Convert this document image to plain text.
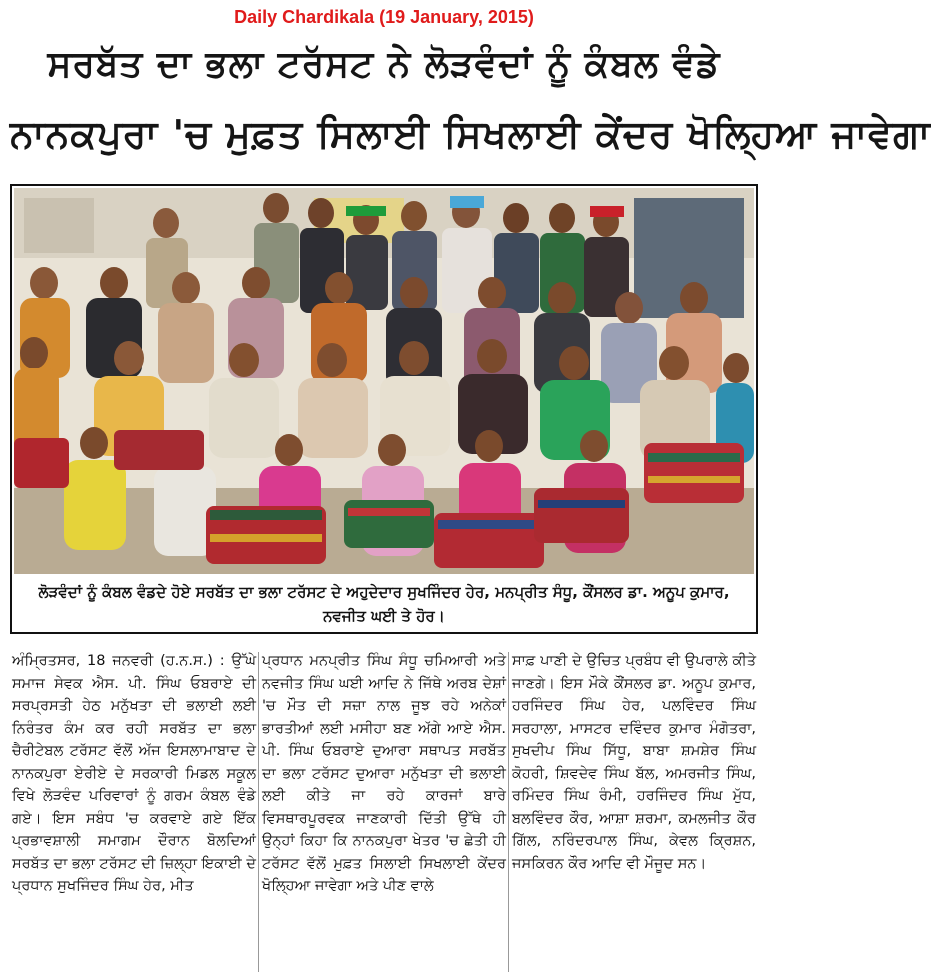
Daily Chardikala (19 January, 2015)
ਸਰਬੱਤ ਦਾ ਭਲਾ ਟਰੱਸਟ ਨੇ ਲੋੜਵੰਦਾਂ ਨੂੰ ਕੰਬਲ ਵੰਡੇ
ਨਾਨਕਪੁਰਾ 'ਚ ਮੁਫ਼ਤ ਸਿਲਾਈ ਸਿਖਲਾਈ ਕੇਂਦਰ ਖੋਲ੍ਹਿਆ ਜਾਵੇਗਾ
ਲੋੜਵੰਦਾਂ ਨੂੰ ਕੰਬਲ ਵੰਡਦੇ ਹੋਏ ਸਰਬੱਤ ਦਾ ਭਲਾ ਟਰੱਸਟ ਦੇ ਅਹੁਦੇਦਾਰ ਸੁਖਜਿੰਦਰ ਹੇਰ, ਮਨਪ੍ਰੀਤ ਸੰਧੂ, ਕੌਂਸਲਰ ਡਾ. ਅਨੂਪ ਕੁਮਾਰ, ਨਵਜੀਤ ਘਈ ਤੇ ਹੋਰ।
ਅੰਮ੍ਰਿਤਸਰ, 18 ਜਨਵਰੀ (ਹ.ਨ.ਸ.) : ਉੱਘੇ ਸਮਾਜ ਸੇਵਕ ਐਸ. ਪੀ. ਸਿੰਘ ਓਬਰਾਏ ਦੀ ਸਰਪ੍ਰਸਤੀ ਹੇਠ ਮਨੁੱਖਤਾ ਦੀ ਭਲਾਈ ਲਈ ਨਿਰੰਤਰ ਕੰਮ ਕਰ ਰਹੀ ਸਰਬੱਤ ਦਾ ਭਲਾ ਚੈਰੀਟੇਬਲ ਟਰੱਸਟ ਵੱਲੋਂ ਅੱਜ ਇਸਲਾਮਾਬਾਦ ਦੇ ਨਾਨਕਪੁਰਾ ਏਰੀਏ ਦੇ ਸਰਕਾਰੀ ਮਿਡਲ ਸਕੂਲ ਵਿਖੇ ਲੋੜਵੰਦ ਪਰਿਵਾਰਾਂ ਨੂੰ ਗਰਮ ਕੰਬਲ ਵੰਡੇ ਗਏ। ਇਸ ਸਬੰਧ 'ਚ ਕਰਵਾਏ ਗਏ ਇੱਕ ਪ੍ਰਭਾਵਸ਼ਾਲੀ ਸਮਾਗਮ ਦੌਰਾਨ ਬੋਲਦਿਆਂ ਸਰਬੱਤ ਦਾ ਭਲਾ ਟਰੱਸਟ ਦੀ ਜ਼ਿਲ੍ਹਾ ਇਕਾਈ ਦੇ ਪ੍ਰਧਾਨ ਸੁਖਜਿੰਦਰ ਸਿੰਘ ਹੇਰ, ਮੀਤ
ਪ੍ਰਧਾਨ ਮਨਪ੍ਰੀਤ ਸਿੰਘ ਸੰਧੂ ਚਮਿਆਰੀ ਅਤੇ ਨਵਜੀਤ ਸਿੰਘ ਘਈ ਆਦਿ ਨੇ ਜਿੱਥੇ ਅਰਬ ਦੇਸ਼ਾਂ 'ਚ ਮੌਤ ਦੀ ਸਜ਼ਾ ਨਾਲ ਜੂਝ ਰਹੇ ਅਨੇਕਾਂ ਭਾਰਤੀਆਂ ਲਈ ਮਸੀਹਾ ਬਣ ਅੱਗੇ ਆਏ ਐਸ. ਪੀ. ਸਿੰਘ ਓਬਰਾਏ ਦੁਆਰਾ ਸਥਾਪਤ ਸਰਬੱਤ ਦਾ ਭਲਾ ਟਰੱਸਟ ਦੁਆਰਾ ਮਨੁੱਖਤਾ ਦੀ ਭਲਾਈ ਲਈ ਕੀਤੇ ਜਾ ਰਹੇ ਕਾਰਜਾਂ ਬਾਰੇ ਵਿਸਥਾਰਪੂਰਵਕ ਜਾਣਕਾਰੀ ਦਿੱਤੀ ਉੱਥੇ ਹੀ ਉਨ੍ਹਾਂ ਕਿਹਾ ਕਿ ਨਾਨਕਪੁਰਾ ਖੇਤਰ 'ਚ ਛੇਤੀ ਹੀ ਟਰੱਸਟ ਵੱਲੋਂ ਮੁਫ਼ਤ ਸਿਲਾਈ ਸਿਖਲਾਈ ਕੇਂਦਰ ਖੋਲ੍ਹਿਆ ਜਾਵੇਗਾ ਅਤੇ ਪੀਣ ਵਾਲੇ
ਸਾਫ਼ ਪਾਣੀ ਦੇ ਉਚਿਤ ਪ੍ਰਬੰਧ ਵੀ ਉਪਰਾਲੇ ਕੀਤੇ ਜਾਣਗੇ। ਇਸ ਮੌਕੇ ਕੌਂਸਲਰ ਡਾ. ਅਨੂਪ ਕੁਮਾਰ, ਹਰਜਿੰਦਰ ਸਿੰਘ ਹੇਰ, ਪਲਵਿੰਦਰ ਸਿੰਘ ਸਰਹਾਲਾ, ਮਾਸਟਰ ਦਵਿੰਦਰ ਕੁਮਾਰ ਮੰਗੋਤਰਾ, ਸੁਖਦੀਪ ਸਿੰਘ ਸਿੱਧੂ, ਬਾਬਾ ਸ਼ਮਸ਼ੇਰ ਸਿੰਘ ਕੋਹਰੀ, ਸ਼ਿਵਦੇਵ ਸਿੰਘ ਬੱਲ, ਅਮਰਜੀਤ ਸਿੰਘ, ਰਮਿੰਦਰ ਸਿੰਘ ਰੰਮੀ, ਹਰਜਿੰਦਰ ਸਿੰਘ ਮੁੱਧ, ਬਲਵਿੰਦਰ ਕੌਰ, ਆਸ਼ਾ ਸ਼ਰਮਾ, ਕਮਲਜੀਤ ਕੌਰ ਗਿੱਲ, ਨਰਿੰਦਰਪਾਲ ਸਿੰਘ, ਕੇਵਲ ਕ੍ਰਿਸ਼ਨ, ਜਸਕਿਰਨ ਕੌਰ ਆਦਿ ਵੀ ਮੌਜੂਦ ਸਨ।
